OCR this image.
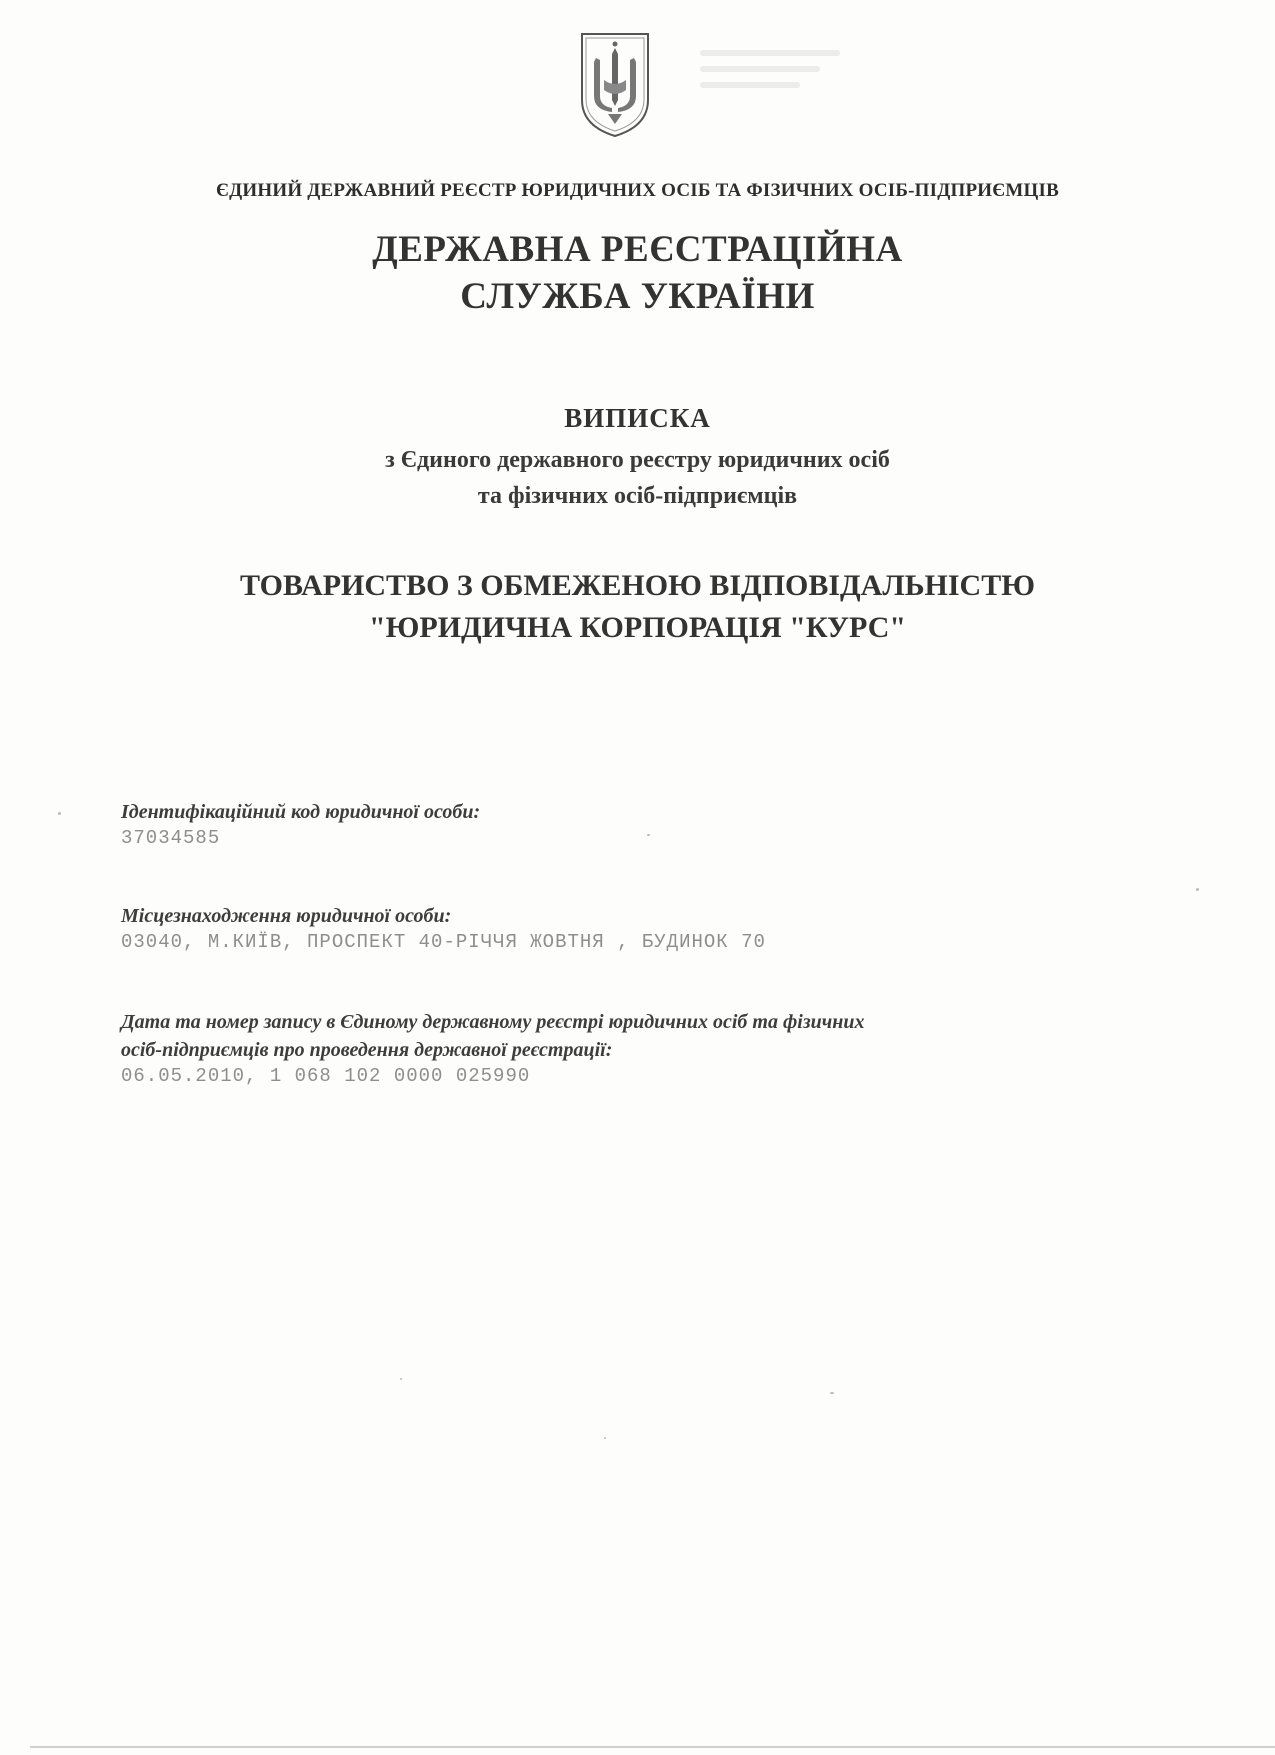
ЄДИНИЙ ДЕРЖАВНИЙ РЕЄСТР ЮРИДИЧНИХ ОСІБ ТА ФІЗИЧНИХ ОСІБ-ПІДПРИЄМЦІВ
ДЕРЖАВНА РЕЄСТРАЦІЙНА
СЛУЖБА УКРАЇНИ
ВИПИСКА
з Єдиного державного реєстру юридичних осіб
та фізичних осіб-підприємців
ТОВАРИСТВО З ОБМЕЖЕНОЮ ВІДПОВІДАЛЬНІСТЮ
"ЮРИДИЧНА КОРПОРАЦІЯ "КУРС"
Ідентифікаційний код юридичної особи:
37034585
Місцезнаходження юридичної особи:
03040, М.КИЇВ, ПРОСПЕКТ 40-РІЧЧЯ ЖОВТНЯ , БУДИНОК 70
Дата та номер запису в Єдиному державному реєстрі юридичних осіб та фізичних
осіб-підприємців про проведення державної реєстрації:
06.05.2010, 1 068 102 0000 025990
